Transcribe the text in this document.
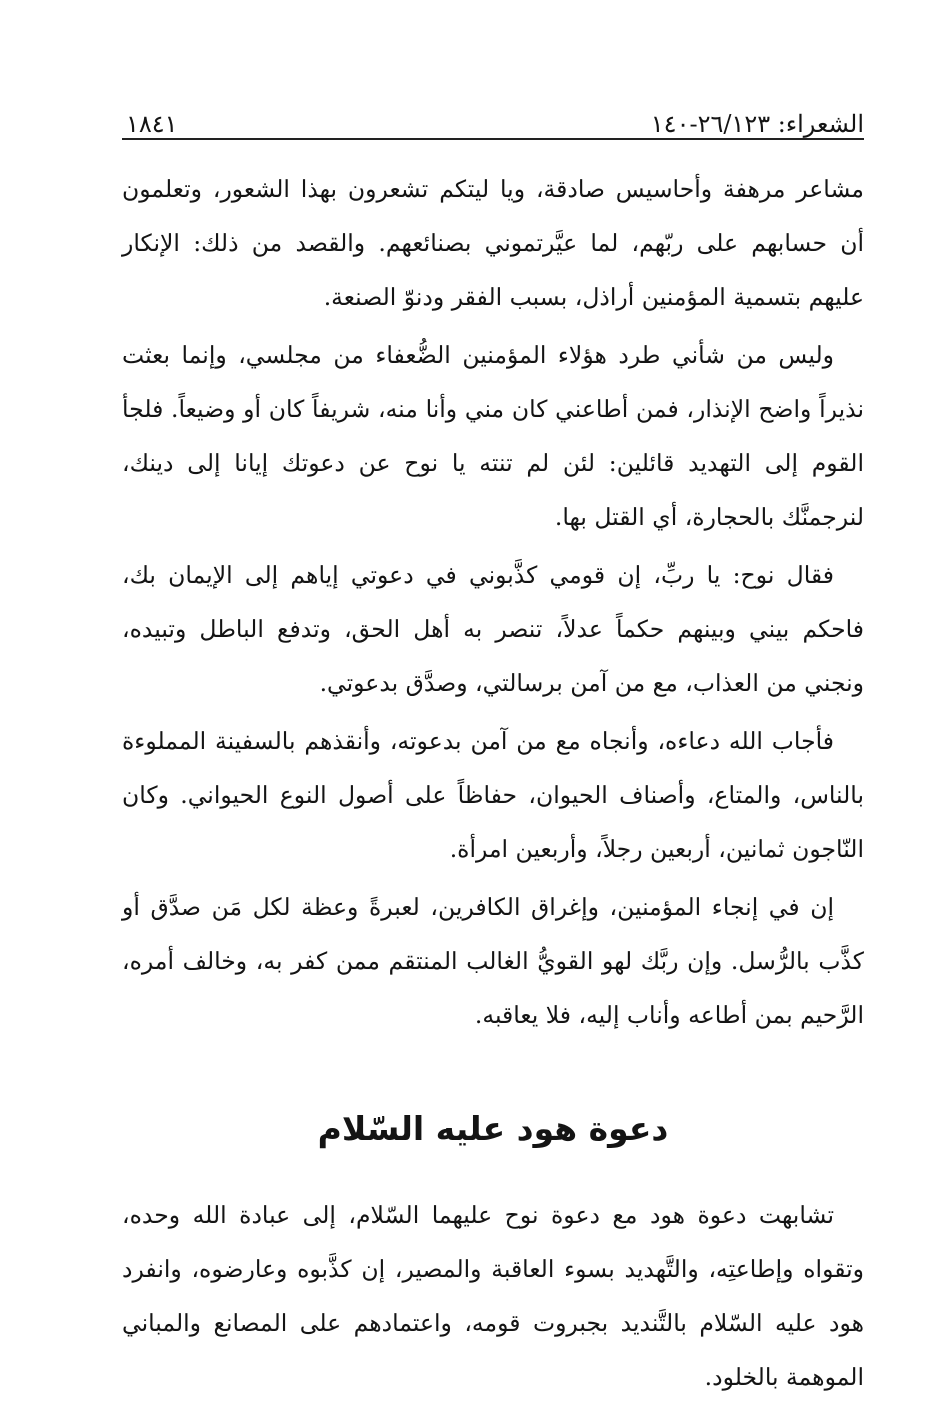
الشعراء: ٢٦/١٢٣-١٤٠
١٨٤١

مشاعر مرهفة وأحاسيس صادقة، ويا ليتكم تشعرون بهذا الشعور، وتعلمون أن حسابهم على ربّهم، لما عيَّرتموني بصنائعهم. والقصد من ذلك: الإنكار عليهم بتسمية المؤمنين أراذل، بسبب الفقر ودنوّ الصنعة.

وليس من شأني طرد هؤلاء المؤمنين الضُّعفاء من مجلسي، وإنما بعثت نذيراً واضح الإنذار، فمن أطاعني كان مني وأنا منه، شريفاً كان أو وضيعاً. فلجأ القوم إلى التهديد قائلين: لئن لم تنته يا نوح عن دعوتك إيانا إلى دينك، لنرجمنَّك بالحجارة، أي القتل بها.

فقال نوح: يا ربِّ، إن قومي كذَّبوني في دعوتي إياهم إلى الإيمان بك، فاحكم بيني وبينهم حكماً عدلاً، تنصر به أهل الحق، وتدفع الباطل وتبيده، ونجني من العذاب، مع من آمن برسالتي، وصدَّق بدعوتي.

فأجاب الله دعاءه، وأنجاه مع من آمن بدعوته، وأنقذهم بالسفينة المملوءة بالناس، والمتاع، وأصناف الحيوان، حفاظاً على أصول النوع الحيواني. وكان النّاجون ثمانين، أربعين رجلاً، وأربعين امرأة.

إن في إنجاء المؤمنين، وإغراق الكافرين، لعبرةً وعظة لكل مَن صدَّق أو كذَّب بالرُّسل. وإن ربَّك لهو القويُّ الغالب المنتقم ممن كفر به، وخالف أمره، الرَّحيم بمن أطاعه وأناب إليه، فلا يعاقبه.

دعوة هود عليه السّلام

تشابهت دعوة هود مع دعوة نوح عليهما السّلام، إلى عبادة الله وحده، وتقواه وإطاعتِه، والتَّهديد بسوء العاقبة والمصير، إن كذَّبوه وعارضوه، وانفرد هود عليه السّلام بالتَّنديد بجبروت قومه، واعتمادهم على المصانع والمباني الموهمة بالخلود.
